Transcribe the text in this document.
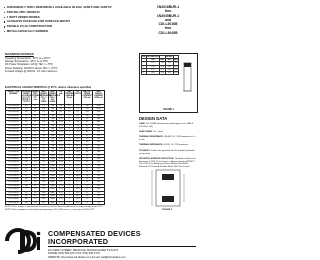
1N3016BUR-1 THRU 1N3045BUR-1 AVAILABLE IN JAN, JANTX AND JANTXV
PER MIL-PRF-19500/115
1 WATT ZENER DIODES
LEADLESS PACKAGE FOR SURFACE MOUNT
DOUBLE PLUG CONSTRUCTION
METALLURGICALLY BONDED
1N3016BUR-1
thru
1N3045BUR-1
and
CDLL3016B
thru
CDLL3045B
MAXIMUM RATINGS
Operating Temperature: -65°C to +175°C
Storage Temperature: -65°C to +175°C
DC Power Dissipation: 1W @ TEC = +75°C
Power Derating: 10mW/°C above TEC = +75°C
Forward Voltage @ 200mA: 1.5 volts maximum
ELECTRICAL CHARACTERISTICS @ 25°C, unless otherwise specified
JEDEC TYPE NUMBER	NOMINAL ZENER VOLTAGE VZ @ IZT (NOTE 1) VOLTS	ZENER TEST CURRENT IZT mA	MAX ZENER IMPEDANCE ZZT @ IZT OHMS	MAX ZENER IMPEDANCE ZZK @ IZK OHMS	IZK mA	MAX REVERSE LEAKAGE IR µA	VR VOLTS	MAX DC ZENER CURRENT IZM mA	MAX SURGE CURRENT IZSM mA
CDLL3016B	6.8	37	3.5	700	1.0	10	5.2	140	1100
CDLL3017B	7.5	34	4.0	700	0.5	10	5.7	125	1010
CDLL3018B	8.2	31	4.5	700	0.5	10	6.2	115	920
CDLL3019B	9.1	28	5.0	700	0.5	7.5	6.9	105	830
CDLL3020B	10	25	7.0	700	0.25	5	7.6	95	760
CDLL3021B	11	23	8.0	700	0.25	5	8.4	85	690
CDLL3022B	12	21	9.0	700	0.25	5	9.1	80	630
CDLL3023B	13	19	10	700	0.25	5	9.9	70	580
CDLL3024B	15	17	14	700	0.25	5	11.4	60	500
CDLL3025B	16	15.5	16	700	0.25	5	12.2	55	470
CDLL3026B	18	14	20	750	0.25	5	13.7	50	420
CDLL3027B	20	12.5	22	750	0.25	5	15.2	45	380
CDLL3028B	22	11.5	23	750	0.25	5	16.7	40	345
CDLL3029B	24	10.5	25	750	0.25	5	18.2	38	315
CDLL3030B	27	9.5	35	750	0.25	5	20.6	34	280
CDLL3031B	30	8.5	40	1000	0.25	5	22.8	30	250
CDLL3032B	33	7.5	45	1000	0.25	5	25.1	27	230
CDLL3033B	36	7.0	50	1000	0.25	5	27.4	25	210
CDLL3034B	39	6.5	60	1000	0.25	5	29.7	23	190
CDLL3035B	43	6.0	70	1500	0.25	5	32.7	22	175
CDLL3036B	47	5.5	80	1500	0.25	5	35.8	20	160
CDLL3037B	51	5.0	95	1500	0.25	5	38.8	18	145
CDLL3038B	56	4.5	110	2000	0.25	5	42.6	16	135
CDLL3039B	62	4.0	125	2000	0.25	5	47.1	14	120
CDLL3040B	68	3.7	150	2000	0.25	5	51.7	13	110
CDLL3041B	75	3.3	175	2000	0.25	5	56.0	12	100
CDLL3042B	82	3.0	200	3000	0.25	5	62.2	11	90
CDLL3043B	91	2.8	250	3000	0.25	5	69.2	10	85
CDLL3044B	100	2.5	350	3000	0.25	5	76.0	9	75
CDLL3045B	110	2.3	450	4000	0.25	5	83.6	8	70
NOTE 1 Zener voltage is measured with the device junction in thermal equilibrium at an ambient temperature of 25°C.
NOTE 2 Zener impedance is derived by superimposing on IZT a 60Hz rms a.c. current equal to 10% of IZT.
DIM	MILLIMETERS		INCHES	
	MIN	MAX	MIN	MAX
D	2.41	2.66	.095	.105
P	0.48	0.58	.019	.023
G	4.57	5.21	.180	.205
L	0.48	0.58	.019	.023
FIGURE 1
DESIGN DATA
CASE: DO-213AB, Hermetically sealed glass case. (MELF, SOD-80, LL41)
LEAD FINISH: Tin / Lead
THERMAL RESISTANCE: (RθJEC) 55 °C/W maximum at L = 0 inch
THERMAL IMPEDANCE: (ZθJX): 10 °C/W maximum
POLARITY: Diode to be operated with the banded (cathode) end positive.
MOUNTING SURFACE SELECTION: The Axial Coefficient of Expansion (COE) Of this Device is Approximately ±6PPM/°C. The COE of the Mounting Surface System Should Be Selected To Provide A Suitable Match With This Device.
FIGURE 2
COMPENSATED DEVICES INCORPORATED
22 COREY STREET, MELROSE, MASSACHUSETTS 02176
PHONE (781) 665-1071 FAX (781) 665-7379
WEBSITE: http://www.cdi-diodes.com E-mail: mail@cdi-diodes.com
